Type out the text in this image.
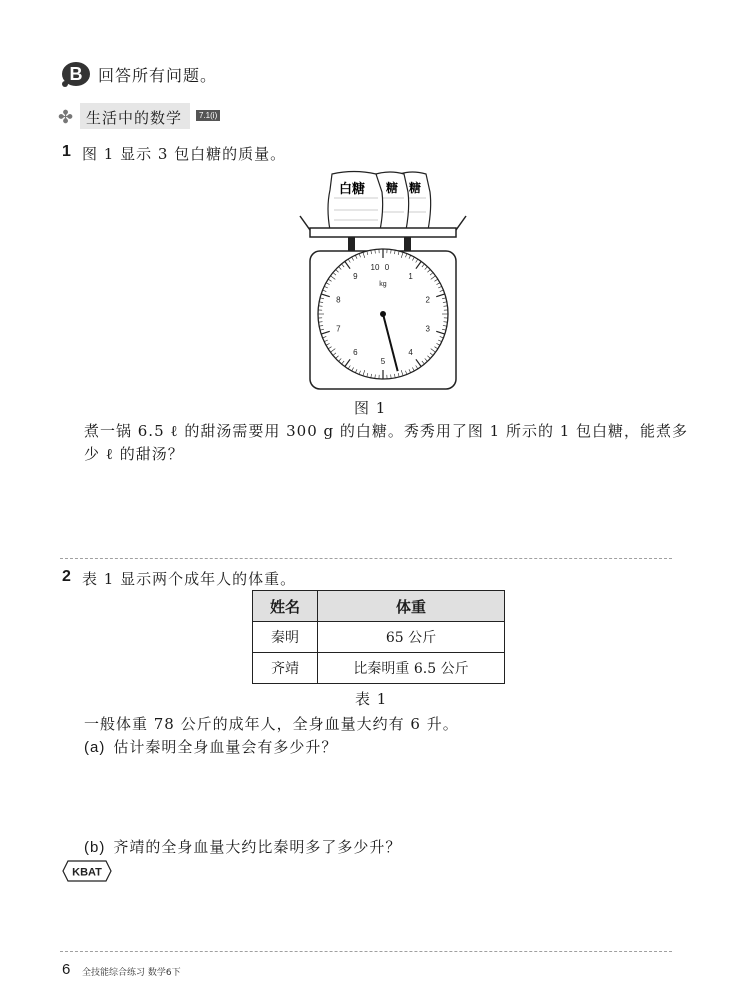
B 回答所有问题。
✤ 生活中的数学	7.1(i)
1 图 1 显示 3 包白糖的质量。
糖
糖
白糖
10 0
1
2
3
4
5
6
7
8
9
kg
图 1
煮一锅 6.5 ℓ 的甜汤需要用 300 g 的白糖。秀秀用了图 1 所示的 1 包白糖，能煮多
少 ℓ 的甜汤？
2 表 1 显示两个成年人的体重。
姓名	体重
秦明	65 公斤
齐靖	比秦明重 6.5 公斤
表 1
一般体重 78 公斤的成年人，全身血量大约有 6 升。
(a) 估计秦明全身血量会有多少升？
(b) 齐靖的全身血量大约比秦明多了多少升？
KBAT
6 全技能综合练习 数学6下
